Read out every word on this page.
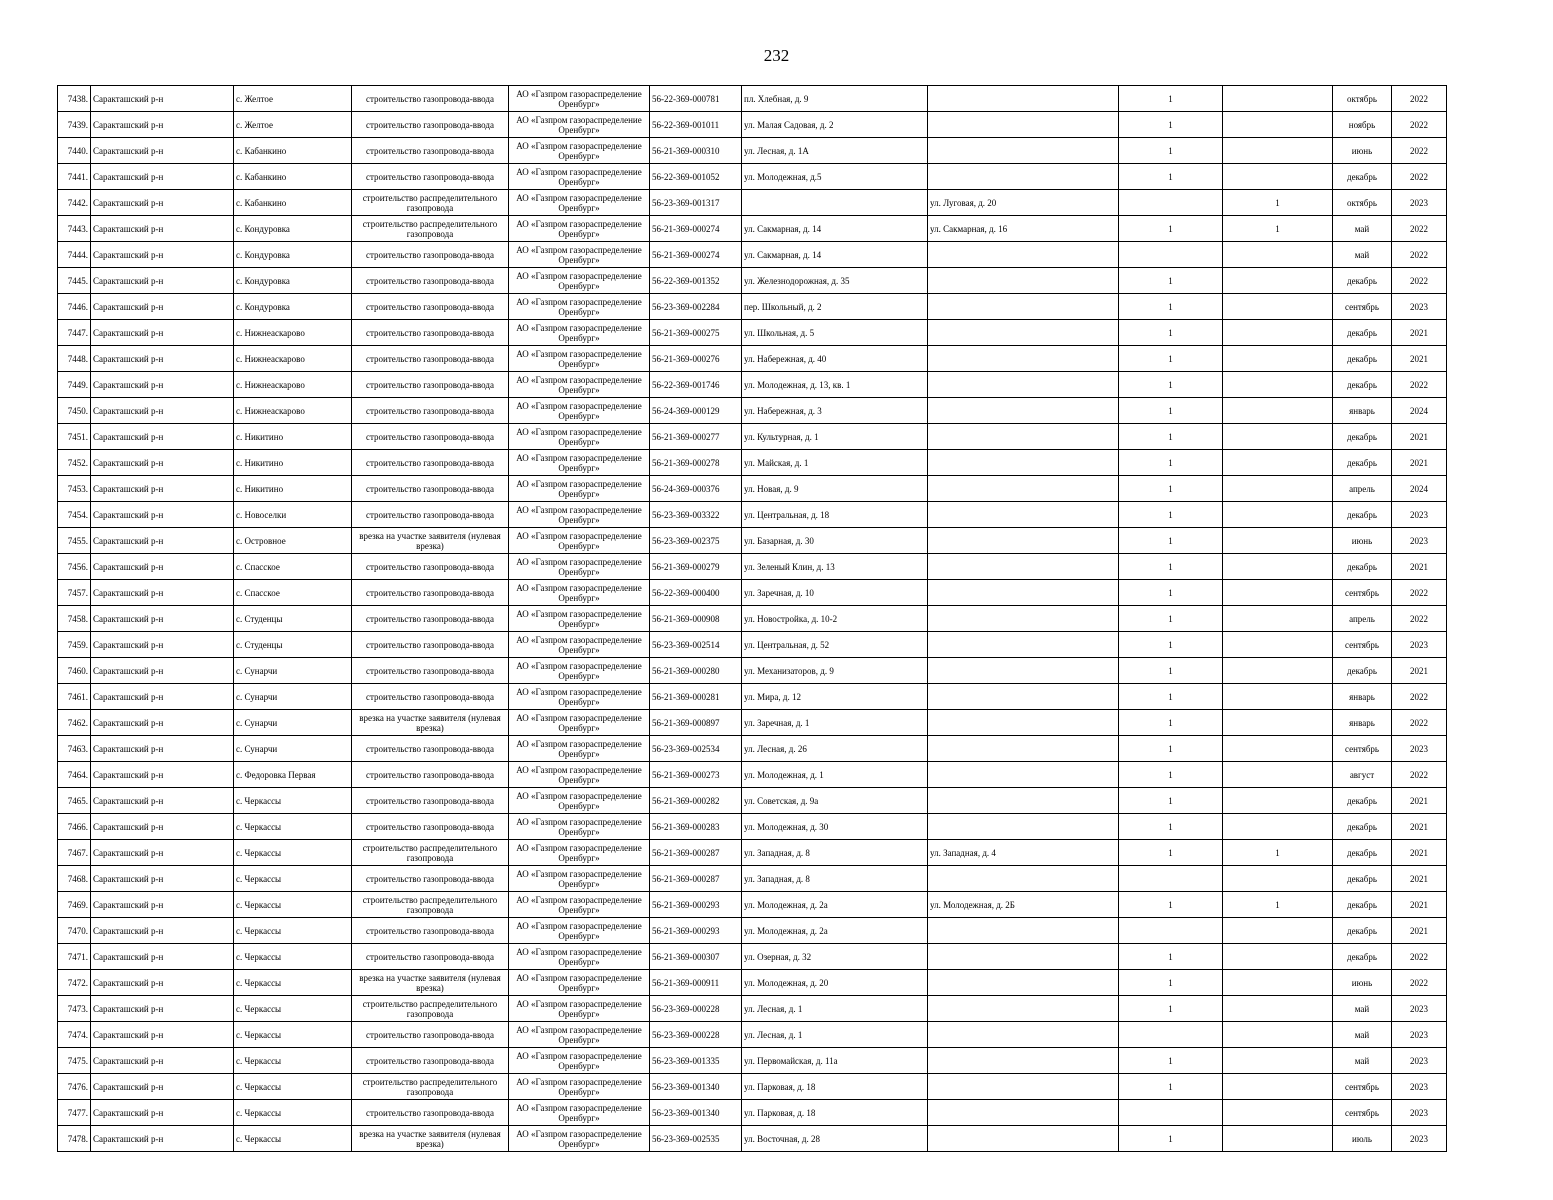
232
7438.	Саракташский р-н	с. Желтое	строительство газопровода-ввода	АО «Газпром газораспределение Оренбург»	56-22-369-000781	пл. Хлебная, д. 9		1		октябрь	2022
7439.	Саракташский р-н	с. Желтое	строительство газопровода-ввода	АО «Газпром газораспределение Оренбург»	56-22-369-001011	ул. Малая Садовая, д. 2		1		ноябрь	2022
7440.	Саракташский р-н	с. Кабанкино	строительство газопровода-ввода	АО «Газпром газораспределение Оренбург»	56-21-369-000310	ул. Лесная, д. 1А		1		июнь	2022
7441.	Саракташский р-н	с. Кабанкино	строительство газопровода-ввода	АО «Газпром газораспределение Оренбург»	56-22-369-001052	ул. Молодежная, д.5		1		декабрь	2022
7442.	Саракташский р-н	с. Кабанкино	строительство распределительного газопровода	АО «Газпром газораспределение Оренбург»	56-23-369-001317		ул. Луговая, д. 20		1	октябрь	2023
7443.	Саракташский р-н	с. Кондуровка	строительство распределительного газопровода	АО «Газпром газораспределение Оренбург»	56-21-369-000274	ул. Сакмарная, д. 14	ул. Сакмарная, д. 16	1	1	май	2022
7444.	Саракташский р-н	с. Кондуровка	строительство газопровода-ввода	АО «Газпром газораспределение Оренбург»	56-21-369-000274	ул. Сакмарная, д. 14				май	2022
7445.	Саракташский р-н	с. Кондуровка	строительство газопровода-ввода	АО «Газпром газораспределение Оренбург»	56-22-369-001352	ул. Железнодорожная, д. 35		1		декабрь	2022
7446.	Саракташский р-н	с. Кондуровка	строительство газопровода-ввода	АО «Газпром газораспределение Оренбург»	56-23-369-002284	пер. Школьный, д. 2		1		сентябрь	2023
7447.	Саракташский р-н	с. Нижнеаскарово	строительство газопровода-ввода	АО «Газпром газораспределение Оренбург»	56-21-369-000275	ул. Школьная, д. 5		1		декабрь	2021
7448.	Саракташский р-н	с. Нижнеаскарово	строительство газопровода-ввода	АО «Газпром газораспределение Оренбург»	56-21-369-000276	ул. Набережная, д. 40		1		декабрь	2021
7449.	Саракташский р-н	с. Нижнеаскарово	строительство газопровода-ввода	АО «Газпром газораспределение Оренбург»	56-22-369-001746	ул. Молодежная, д. 13, кв. 1		1		декабрь	2022
7450.	Саракташский р-н	с. Нижнеаскарово	строительство газопровода-ввода	АО «Газпром газораспределение Оренбург»	56-24-369-000129	ул. Набережная, д. 3		1		январь	2024
7451.	Саракташский р-н	с. Никитино	строительство газопровода-ввода	АО «Газпром газораспределение Оренбург»	56-21-369-000277	ул. Культурная, д. 1		1		декабрь	2021
7452.	Саракташский р-н	с. Никитино	строительство газопровода-ввода	АО «Газпром газораспределение Оренбург»	56-21-369-000278	ул. Майская, д. 1		1		декабрь	2021
7453.	Саракташский р-н	с. Никитино	строительство газопровода-ввода	АО «Газпром газораспределение Оренбург»	56-24-369-000376	ул. Новая, д. 9		1		апрель	2024
7454.	Саракташский р-н	с. Новоселки	строительство газопровода-ввода	АО «Газпром газораспределение Оренбург»	56-23-369-003322	ул. Центральная, д. 18		1		декабрь	2023
7455.	Саракташский р-н	с. Островное	врезка на участке заявителя (нулевая врезка)	АО «Газпром газораспределение Оренбург»	56-23-369-002375	ул. Базарная, д. 30		1		июнь	2023
7456.	Саракташский р-н	с. Спасское	строительство газопровода-ввода	АО «Газпром газораспределение Оренбург»	56-21-369-000279	ул. Зеленый Клин, д. 13		1		декабрь	2021
7457.	Саракташский р-н	с. Спасское	строительство газопровода-ввода	АО «Газпром газораспределение Оренбург»	56-22-369-000400	ул. Заречная, д. 10		1		сентябрь	2022
7458.	Саракташский р-н	с. Студенцы	строительство газопровода-ввода	АО «Газпром газораспределение Оренбург»	56-21-369-000908	ул. Новостройка, д. 10-2		1		апрель	2022
7459.	Саракташский р-н	с. Студенцы	строительство газопровода-ввода	АО «Газпром газораспределение Оренбург»	56-23-369-002514	ул. Центральная, д. 52		1		сентябрь	2023
7460.	Саракташский р-н	с. Сунарчи	строительство газопровода-ввода	АО «Газпром газораспределение Оренбург»	56-21-369-000280	ул. Механизаторов, д. 9		1		декабрь	2021
7461.	Саракташский р-н	с. Сунарчи	строительство газопровода-ввода	АО «Газпром газораспределение Оренбург»	56-21-369-000281	ул. Мира, д. 12		1		январь	2022
7462.	Саракташский р-н	с. Сунарчи	врезка на участке заявителя (нулевая врезка)	АО «Газпром газораспределение Оренбург»	56-21-369-000897	ул. Заречная, д. 1		1		январь	2022
7463.	Саракташский р-н	с. Сунарчи	строительство газопровода-ввода	АО «Газпром газораспределение Оренбург»	56-23-369-002534	ул. Лесная, д. 26		1		сентябрь	2023
7464.	Саракташский р-н	с. Федоровка Первая	строительство газопровода-ввода	АО «Газпром газораспределение Оренбург»	56-21-369-000273	ул. Молодежная, д. 1		1		август	2022
7465.	Саракташский р-н	с. Черкассы	строительство газопровода-ввода	АО «Газпром газораспределение Оренбург»	56-21-369-000282	ул. Советская, д. 9а		1		декабрь	2021
7466.	Саракташский р-н	с. Черкассы	строительство газопровода-ввода	АО «Газпром газораспределение Оренбург»	56-21-369-000283	ул. Молодежная, д. 30		1		декабрь	2021
7467.	Саракташский р-н	с. Черкассы	строительство распределительного газопровода	АО «Газпром газораспределение Оренбург»	56-21-369-000287	ул. Западная, д. 8	ул. Западная, д. 4	1	1	декабрь	2021
7468.	Саракташский р-н	с. Черкассы	строительство газопровода-ввода	АО «Газпром газораспределение Оренбург»	56-21-369-000287	ул. Западная, д. 8				декабрь	2021
7469.	Саракташский р-н	с. Черкассы	строительство распределительного газопровода	АО «Газпром газораспределение Оренбург»	56-21-369-000293	ул. Молодежная, д. 2а	ул. Молодежная, д. 2Б	1	1	декабрь	2021
7470.	Саракташский р-н	с. Черкассы	строительство газопровода-ввода	АО «Газпром газораспределение Оренбург»	56-21-369-000293	ул. Молодежная, д. 2а				декабрь	2021
7471.	Саракташский р-н	с. Черкассы	строительство газопровода-ввода	АО «Газпром газораспределение Оренбург»	56-21-369-000307	ул. Озерная, д. 32		1		декабрь	2022
7472.	Саракташский р-н	с. Черкассы	врезка на участке заявителя (нулевая врезка)	АО «Газпром газораспределение Оренбург»	56-21-369-000911	ул. Молодежная, д. 20		1		июнь	2022
7473.	Саракташский р-н	с. Черкассы	строительство распределительного газопровода	АО «Газпром газораспределение Оренбург»	56-23-369-000228	ул. Лесная, д. 1		1		май	2023
7474.	Саракташский р-н	с. Черкассы	строительство газопровода-ввода	АО «Газпром газораспределение Оренбург»	56-23-369-000228	ул. Лесная, д. 1				май	2023
7475.	Саракташский р-н	с. Черкассы	строительство газопровода-ввода	АО «Газпром газораспределение Оренбург»	56-23-369-001335	ул. Первомайская, д. 11а		1		май	2023
7476.	Саракташский р-н	с. Черкассы	строительство распределительного газопровода	АО «Газпром газораспределение Оренбург»	56-23-369-001340	ул. Парковая, д. 18		1		сентябрь	2023
7477.	Саракташский р-н	с. Черкассы	строительство газопровода-ввода	АО «Газпром газораспределение Оренбург»	56-23-369-001340	ул. Парковая, д. 18				сентябрь	2023
7478.	Саракташский р-н	с. Черкассы	врезка на участке заявителя (нулевая врезка)	АО «Газпром газораспределение Оренбург»	56-23-369-002535	ул. Восточная, д. 28		1		июль	2023
